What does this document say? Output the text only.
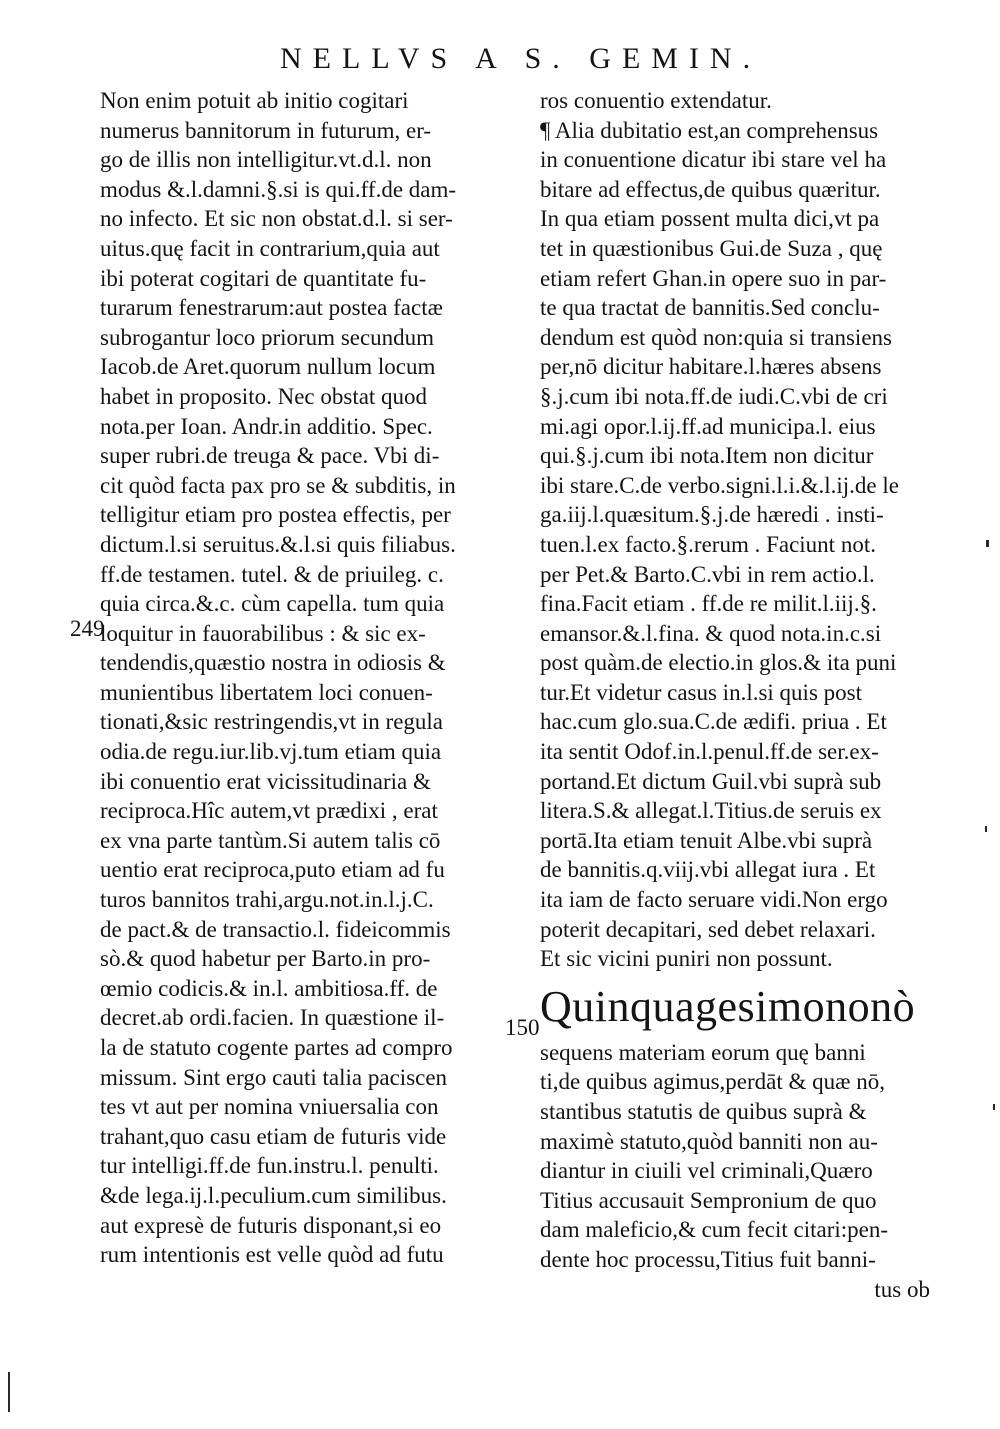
NELLVS A S. GEMIN.
Non enim potuit ab initio cogitari
numerus bannitorum in futurum, er-
go de illis non intelligitur.vt.d.l. non
modus &.l.damni.§.si is qui.ff.de dam-
no infecto. Et sic non obstat.d.l. si ser-
uitus.quę facit in contrarium,quia aut
ibi poterat cogitari de quantitate fu-
turarum fenestrarum:aut postea factæ
subrogantur loco priorum secundum
Iacob.de Aret.quorum nullum locum
habet in proposito. Nec obstat quod
nota.per Ioan. Andr.in additio. Spec.
super rubri.de treuga & pace. Vbi di-
cit quòd facta pax pro se & subditis, in
telligitur etiam pro postea effectis, per
dictum.l.si seruitus.&.l.si quis filiabus.
ff.de testamen. tutel. & de priuileg. c.
quia circa.&.c. cùm capella. tum quia
loquitur in fauorabilibus : & sic ex-
tendendis,quæstio nostra in odiosis &
munientibus libertatem loci conuen-
tionati,&sic restringendis,vt in regula
odia.de regu.iur.lib.vj.tum etiam quia
ibi conuentio erat vicissitudinaria &
reciproca.Hîc autem,vt prædixi , erat
ex vna parte tantùm.Si autem talis cō
uentio erat reciproca,puto etiam ad fu
turos bannitos trahi,argu.not.in.l.j.C.
de pact.& de transactio.l. fideicommis
sò.& quod habetur per Barto.in pro-
œmio codicis.& in.l. ambitiosa.ff. de
decret.ab ordi.facien. In quæstione il-
la de statuto cogente partes ad compro
missum. Sint ergo cauti talia paciscen
tes vt aut per nomina vniuersalia con
trahant,quo casu etiam de futuris vide
tur intelligi.ff.de fun.instru.l. penulti.
&de lega.ij.l.peculium.cum similibus.
aut expresè de futuris disponant,si eo
rum intentionis est velle quòd ad futu
ros conuentio extendatur.
¶ Alia dubitatio est,an comprehensus
in conuentione dicatur ibi stare vel ha
bitare ad effectus,de quibus quæritur.
In qua etiam possent multa dici,vt pa
tet in quæstionibus Gui.de Suza , quę
etiam refert Ghan.in opere suo in par-
te qua tractat de bannitis.Sed conclu-
dendum est quòd non:quia si transiens
per,nō dicitur habitare.l.hæres absens
§.j.cum ibi nota.ff.de iudi.C.vbi de cri
mi.agi opor.l.ij.ff.ad municipa.l. eius
qui.§.j.cum ibi nota.Item non dicitur
ibi stare.C.de verbo.signi.l.i.&.l.ij.de le
ga.iij.l.quæsitum.§.j.de hæredi . insti-
tuen.l.ex facto.§.rerum . Faciunt not.
per Pet.& Barto.C.vbi in rem actio.l.
fina.Facit etiam . ff.de re milit.l.iij.§.
emansor.&.l.fina. & quod nota.in.c.si
post quàm.de electio.in glos.& ita puni
tur.Et videtur casus in.l.si quis post
hac.cum glo.sua.C.de ædifi. priua . Et
ita sentit Odof.in.l.penul.ff.de ser.ex-
portand.Et dictum Guil.vbi suprà sub
litera.S.& allegat.l.Titius.de seruis ex
portā.Ita etiam tenuit Albe.vbi suprà
de bannitis.q.viij.vbi allegat iura . Et
ita iam de facto seruare vidi.Non ergo
poterit decapitari, sed debet relaxari.
Et sic vicini puniri non possunt.
Quinquagesimononò
sequens materiam eorum quę banni
ti,de quibus agimus,perdāt & quæ nō,
stantibus statutis de quibus suprà &
maximè statuto,quòd banniti non au-
diantur in ciuili vel criminali,Quæro
Titius accusauit Sempronium de quo
dam maleficio,& cum fecit citari:pen-
dente hoc processu,Titius fuit banni-
tus ob
249
150
